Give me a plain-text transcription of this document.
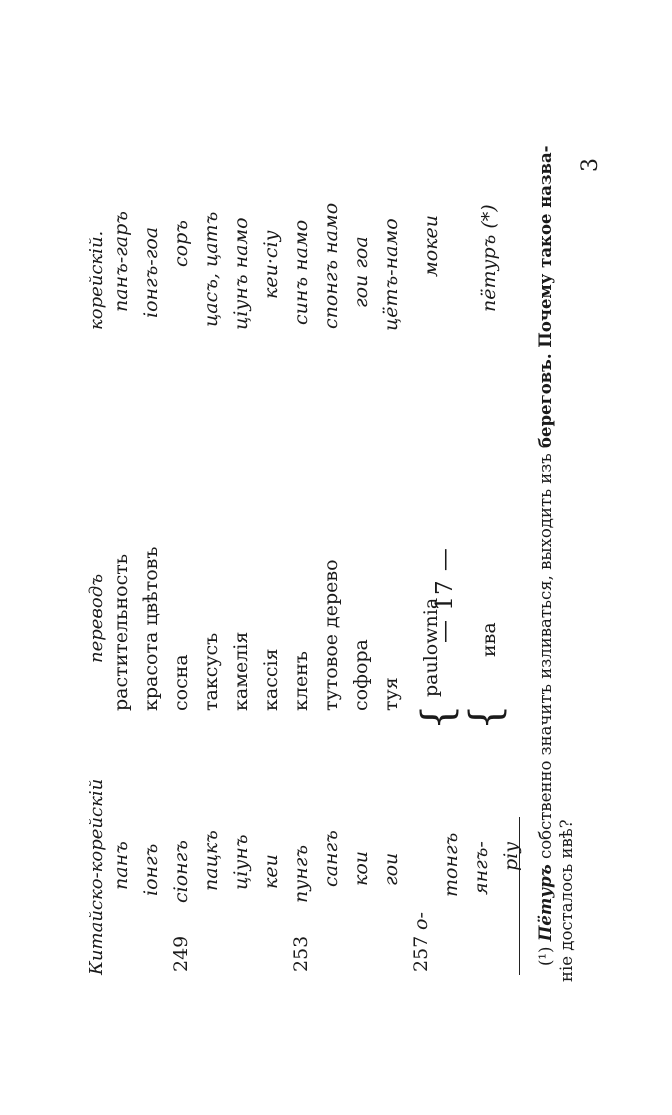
— 17 —
Китайско-корейскій
переводъ
корейскій.
249	253	257
панъ іонгъ сіонгъ пацкъ цiунъ кеи пунгъ сангъ кои гои
о-
тонгъ янгъ- ріу
растительность красота цвѣтовъ сосна таксусъ камелія кассія кленъ тутовое дерево софора туя paulownia ива
{ {
панъ-гаръ іонгъ-гоа соръ цасъ, цатъ цiунъ намо кеи·сіу синъ намо спонгъ намо гои гоа цётъ-намо мокеи пётуръ (*)
(¹) Пётуръ собственно значитъ изливаться, выходить изъ береговъ. Почему такое назва-
ніе досталось ивѣ?
3
